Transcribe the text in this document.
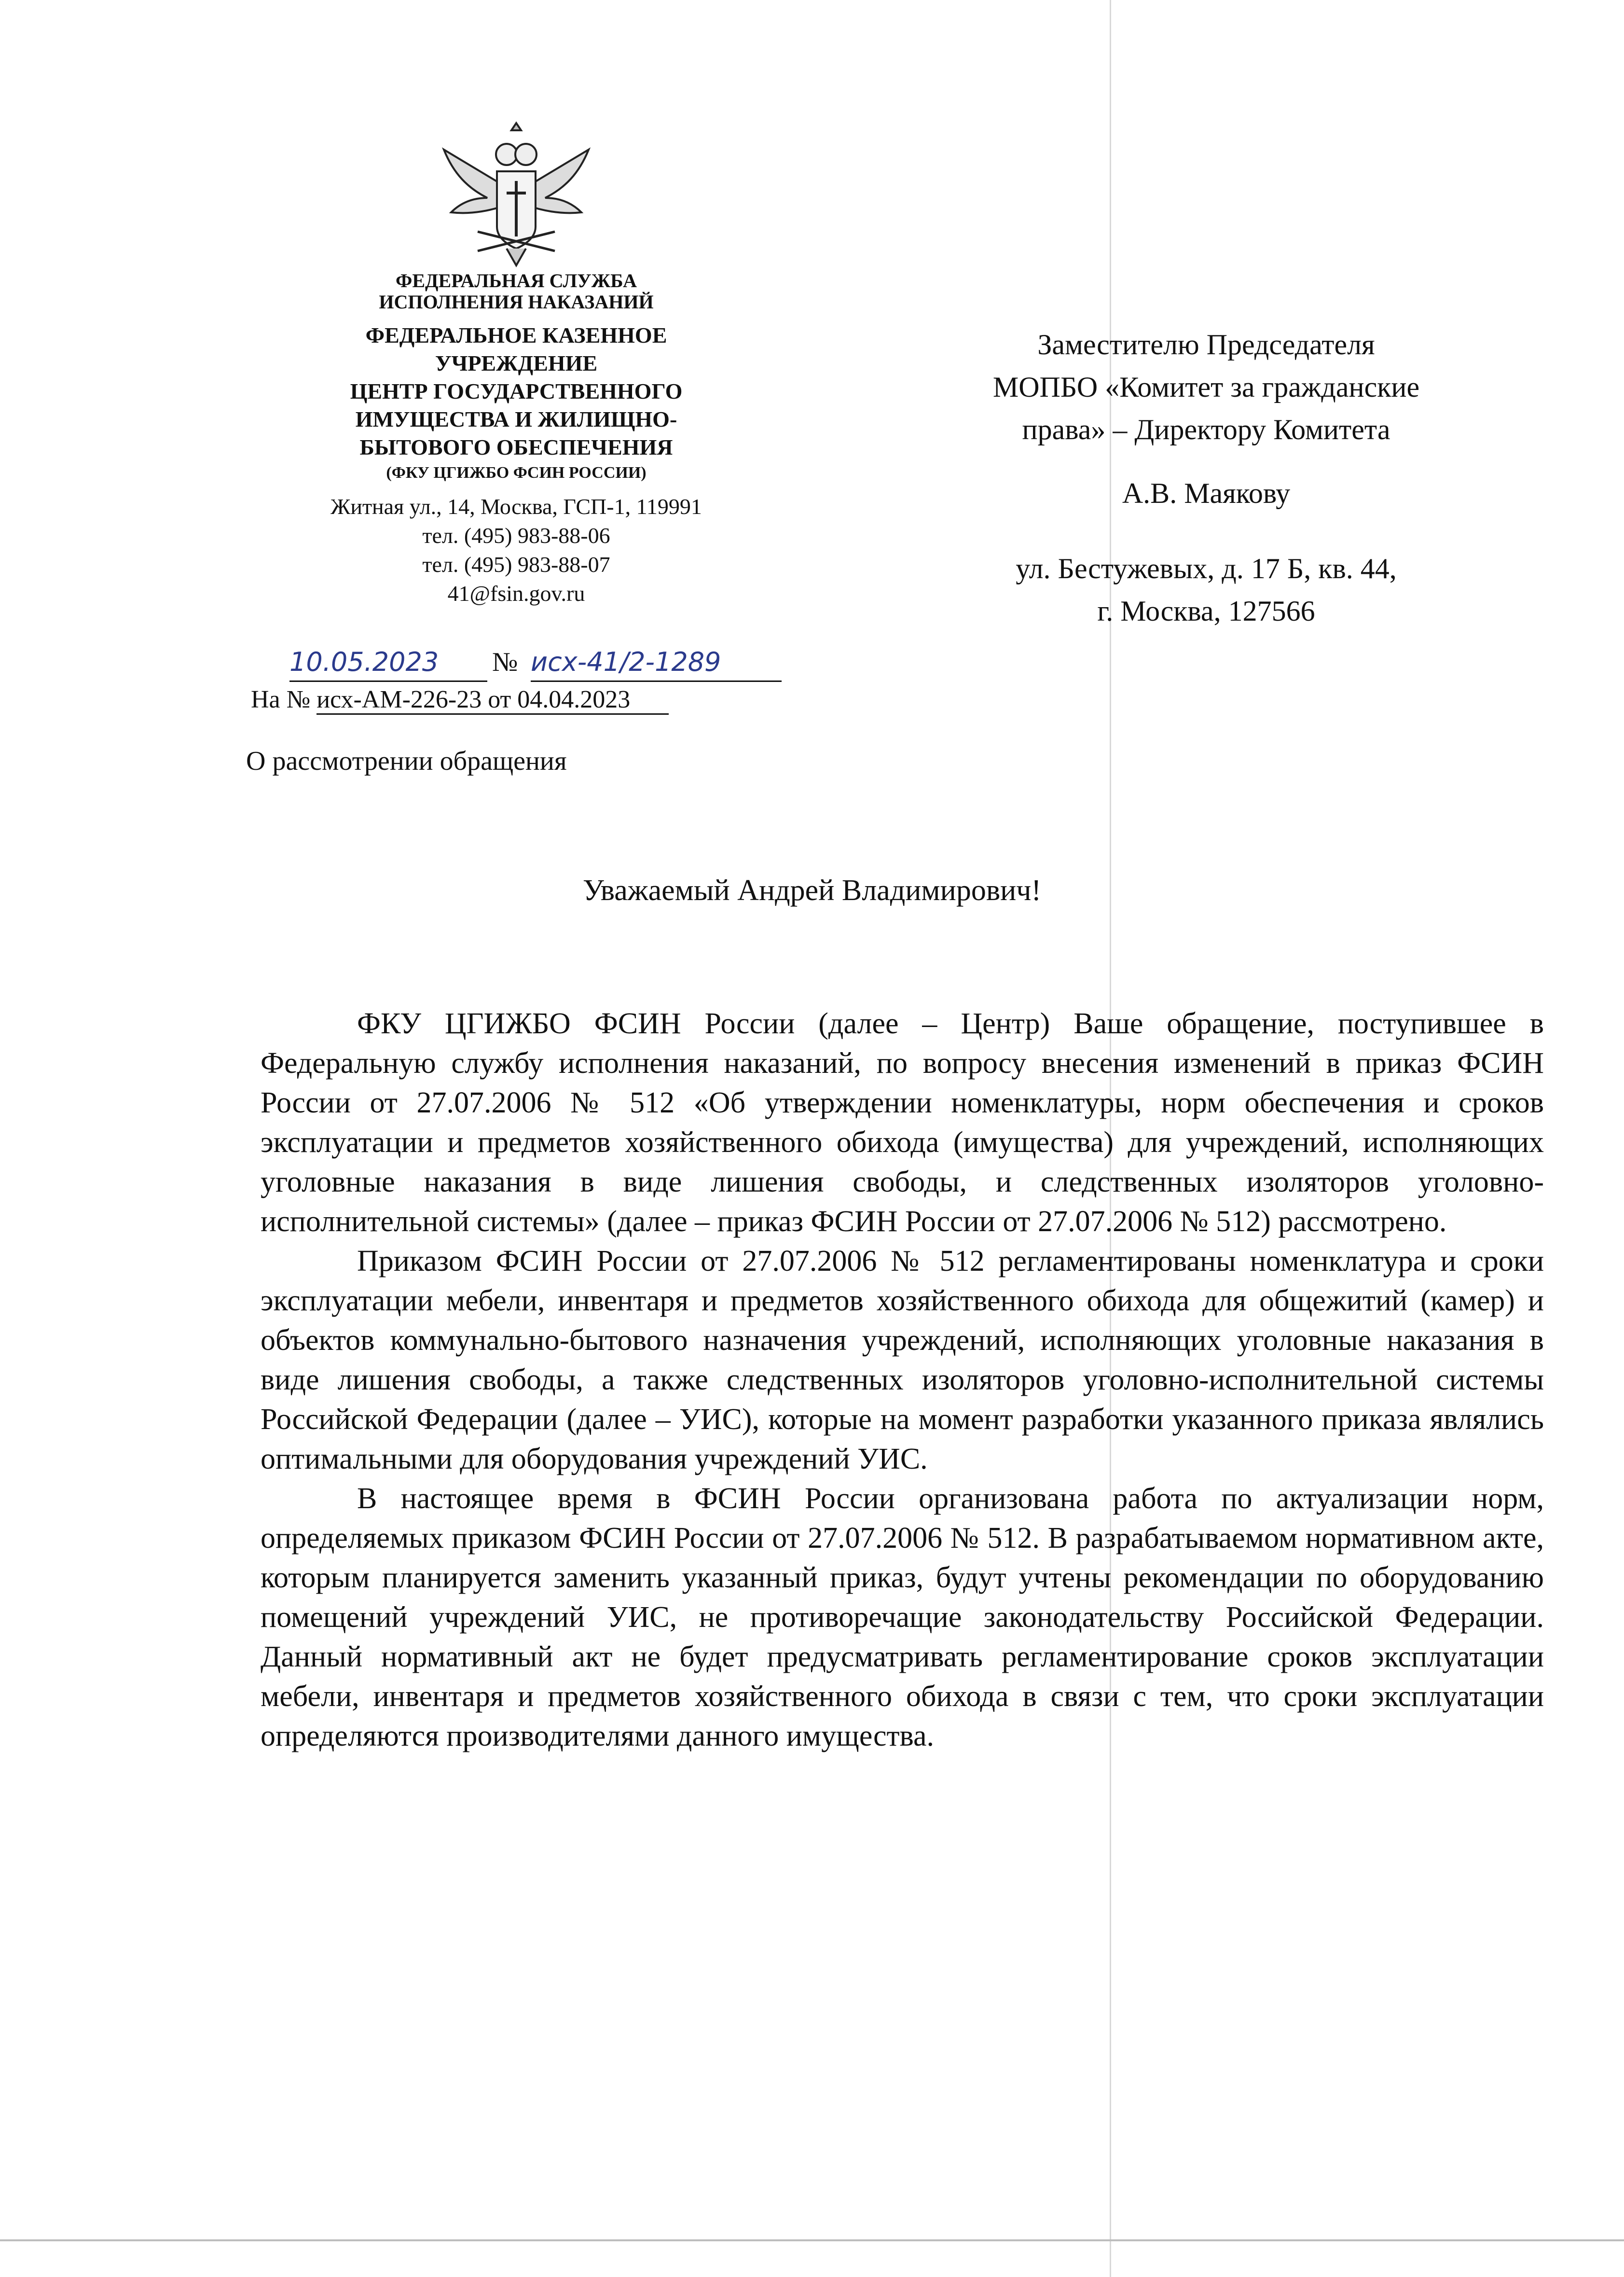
ФЕДЕРАЛЬНАЯ СЛУЖБА
ИСПОЛНЕНИЯ НАКАЗАНИЙ
ФЕДЕРАЛЬНОЕ КАЗЕННОЕ
УЧРЕЖДЕНИЕ
ЦЕНТР ГОСУДАРСТВЕННОГО
ИМУЩЕСТВА И ЖИЛИЩНО-
БЫТОВОГО ОБЕСПЕЧЕНИЯ
(ФКУ ЦГИЖБО ФСИН РОССИИ)
Житная ул., 14, Москва, ГСП-1, 119991
тел. (495) 983-88-06
тел. (495) 983-88-07
41@fsin.gov.ru
10.05.2023	№ исх-41/2-1289
На № исх-АМ-226-23 от 04.04.2023
О рассмотрении обращения
Заместителю Председателя
МОПБО «Комитет за гражданские
права» – Директору Комитета
А.В. Маякову
ул. Бестужевых, д. 17 Б, кв. 44,
г. Москва, 127566
Уважаемый Андрей Владимирович!

ФКУ ЦГИЖБО ФСИН России (далее – Центр) Ваше обращение, поступившее в Федеральную службу исполнения наказаний, по вопросу внесения изменений в приказ ФСИН России от 27.07.2006 № 512 «Об утверждении номенклатуры, норм обеспечения и сроков эксплуатации и предметов хозяйственного обихода (имущества) для учреждений, исполняющих уголовные наказания в виде лишения свободы, и следственных изоляторов уголовно-исполнительной системы» (далее – приказ ФСИН России от 27.07.2006 № 512) рассмотрено.

Приказом ФСИН России от 27.07.2006 № 512 регламентированы номенклатура и сроки эксплуатации мебели, инвентаря и предметов хозяйственного обихода для общежитий (камер) и объектов коммунально-бытового назначения учреждений, исполняющих уголовные наказания в виде лишения свободы, а также следственных изоляторов уголовно-исполнительной системы Российской Федерации (далее – УИС), которые на момент разработки указанного приказа являлись оптимальными для оборудования учреждений УИС.

В настоящее время в ФСИН России организована работа по актуализации норм, определяемых приказом ФСИН России от 27.07.2006 № 512. В разрабатываемом нормативном акте, которым планируется заменить указанный приказ, будут учтены рекомендации по оборудованию помещений учреждений УИС, не противоречащие законодательству Российской Федерации. Данный нормативный акт не будет предусматривать регламентирование сроков эксплуатации мебели, инвентаря и предметов хозяйственного обихода в связи с тем, что сроки эксплуатации определяются производителями данного имущества.
